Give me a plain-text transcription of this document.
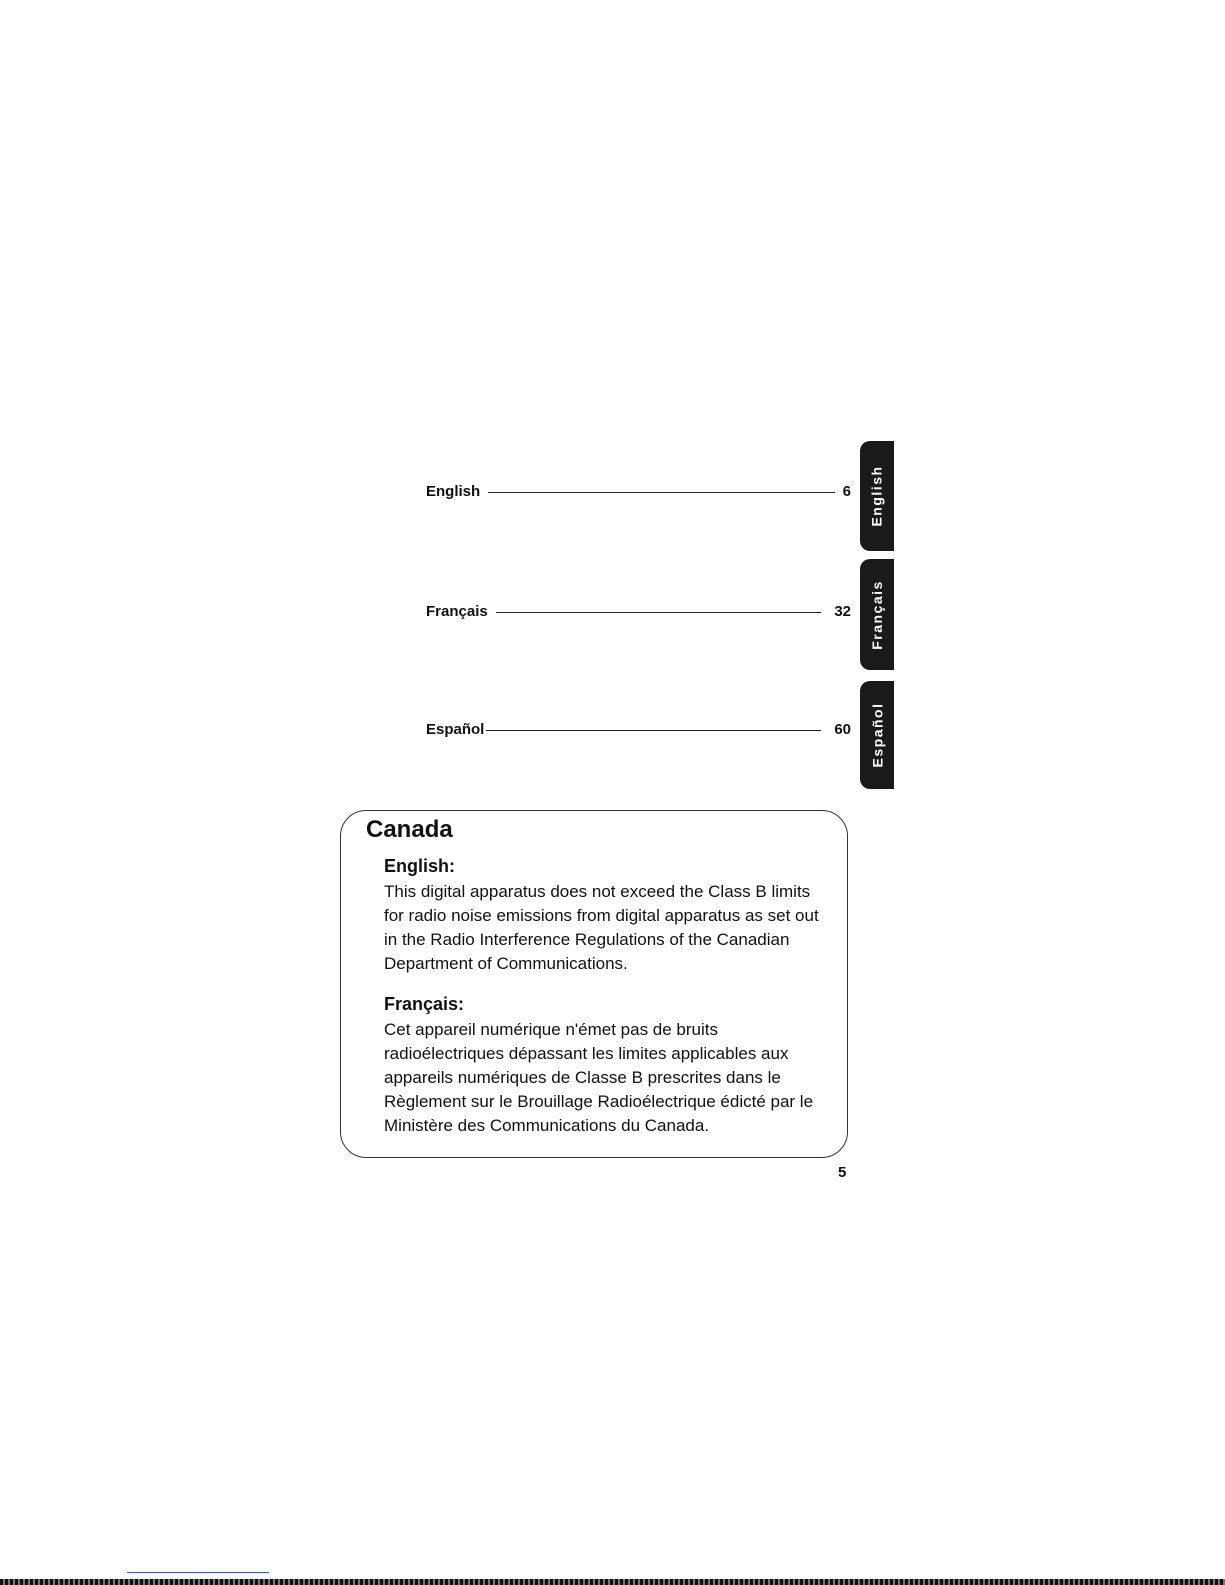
English	6
Français	32
Español	60
English
Français
Español
Canada
English:
This digital apparatus does not exceed the Class B limits for radio noise emissions from digital apparatus as set out in the Radio Interference Regulations of the Canadian Department of Communications.
Français:
Cet appareil numérique n'émet pas de bruits radioélectriques dépassant les limites applicables aux appareils numériques de Classe B prescrites dans le Règlement sur le Brouillage Radioélectrique édicté par le Ministère des Communications du Canada.
5
